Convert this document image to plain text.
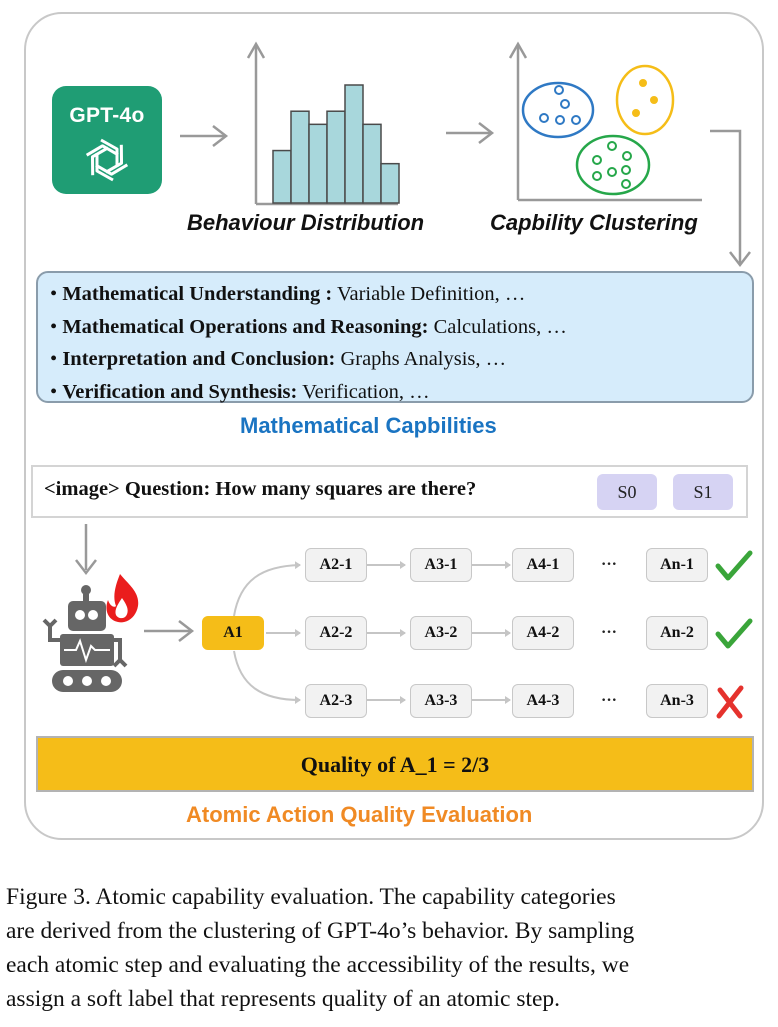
GPT-4o
Behaviour Distribution	Capbility Clustering
• Mathematical Understanding : Variable Definition, …
• Mathematical Operations and Reasoning: Calculations, …
• Interpretation and Conclusion: Graphs Analysis, …
• Verification and Synthesis: Verification, …
Mathematical Capbilities
<image> Question: How many squares are there?	S0	S1
A1
A2-1	A3-1	A4-1	···	An-1
A2-2	A3-2	A4-2	···	An-2
A2-3	A3-3	A4-3	···	An-3
Quality of A_1 = 2/3
Atomic Action Quality Evaluation
Figure 3. Atomic capability evaluation. The capability categories
are derived from the clustering of GPT-4o’s behavior. By sampling
each atomic step and evaluating the accessibility of the results, we
assign a soft label that represents quality of an atomic step.
